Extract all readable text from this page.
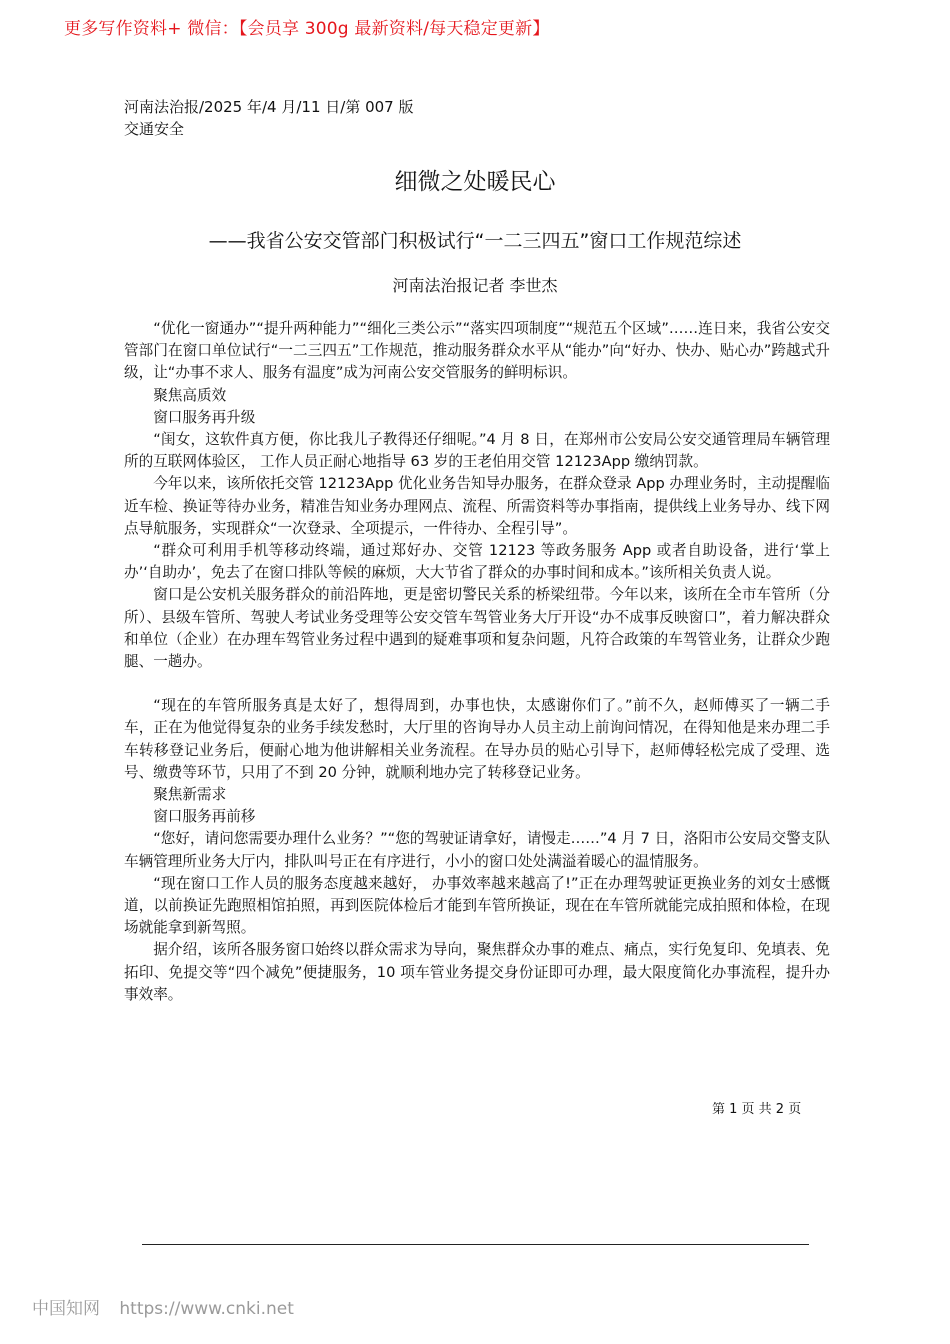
更多写作资料+ 微信：【会员享 300g 最新资料/每天稳定更新】
河南法治报/2025 年/4 月/11 日/第 007 版交通安全
细微之处暖民心
——我省公安交管部门积极试行“一二三四五”窗口工作规范综述
河南法治报记者 李世杰

“优化一窗通办”“提升两种能力”“细化三类公示”“落实四项制度”“规范五个区域”……连日来，我省公安交管部门在窗口单位试行“一二三四五”工作规范，推动服务群众水平从“能办”向“好办、快办、贴心办”跨越式升级，让“办事不求人、服务有温度”成为河南公安交管服务的鲜明标识。

聚焦高质效

窗口服务再升级

“闺女，这软件真方便，你比我儿子教得还仔细呢。”4 月 8 日，在郑州市公安局公安交通管理局车辆管理所的互联网体验区， 工作人员正耐心地指导 63 岁的王老伯用交管 12123App 缴纳罚款。

今年以来，该所依托交管 12123App 优化业务告知导办服务，在群众登录 App 办理业务时，主动提醒临近车检、换证等待办业务，精准告知业务办理网点、流程、所需资料等办事指南，提供线上业务导办、线下网点导航服务，实现群众“一次登录、全项提示，一件待办、全程引导”。

“群众可利用手机等移动终端，通过郑好办、交管 12123 等政务服务 App 或者自助设备，进行‘掌上办’‘自助办’，免去了在窗口排队等候的麻烦，大大节省了群众的办事时间和成本。”该所相关负责人说。

窗口是公安机关服务群众的前沿阵地，更是密切警民关系的桥梁纽带。今年以来，该所在全市车管所（分所）、县级车管所、驾驶人考试业务受理等公安交管车驾管业务大厅开设“办不成事反映窗口”，着力解决群众和单位（企业）在办理车驾管业务过程中遇到的疑难事项和复杂问题，凡符合政策的车驾管业务，让群众少跑腿、一趟办。

“现在的车管所服务真是太好了，想得周到，办事也快，太感谢你们了。”前不久，赵师傅买了一辆二手车，正在为他觉得复杂的业务手续发愁时，大厅里的咨询导办人员主动上前询问情况，在得知他是来办理二手车转移登记业务后，便耐心地为他讲解相关业务流程。在导办员的贴心引导下，赵师傅轻松完成了受理、选号、缴费等环节，只用了不到 20 分钟，就顺利地办完了转移登记业务。

聚焦新需求

窗口服务再前移

“您好，请问您需要办理什么业务？”“您的驾驶证请拿好，请慢走……”4 月 7 日，洛阳市公安局交警支队车辆管理所业务大厅内，排队叫号正在有序进行，小小的窗口处处满溢着暖心的温情服务。

“现在窗口工作人员的服务态度越来越好， 办事效率越来越高了!”正在办理驾驶证更换业务的刘女士感慨道，以前换证先跑照相馆拍照，再到医院体检后才能到车管所换证，现在在车管所就能完成拍照和体检，在现场就能拿到新驾照。

据介绍，该所各服务窗口始终以群众需求为导向，聚焦群众办事的难点、痛点，实行免复印、免填表、免拓印、免提交等“四个减免”便捷服务，10 项车管业务提交身份证即可办理，最大限度简化办事流程，提升办事效率。

第 1 页 共 2 页
中国知网 https://www.cnki.net
